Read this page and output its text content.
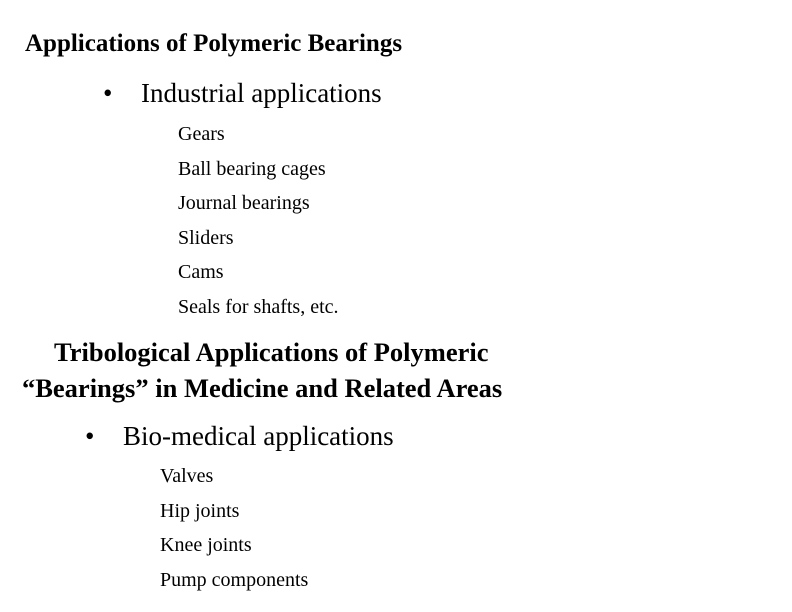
Applications of Polymeric Bearings
• Industrial applications
Gears
Ball bearing cages
Journal bearings
Sliders
Cams
Seals for shafts, etc.
Tribological Applications of Polymeric
“Bearings” in Medicine and Related Areas
• Bio-medical applications
Valves
Hip joints
Knee joints
Pump components
